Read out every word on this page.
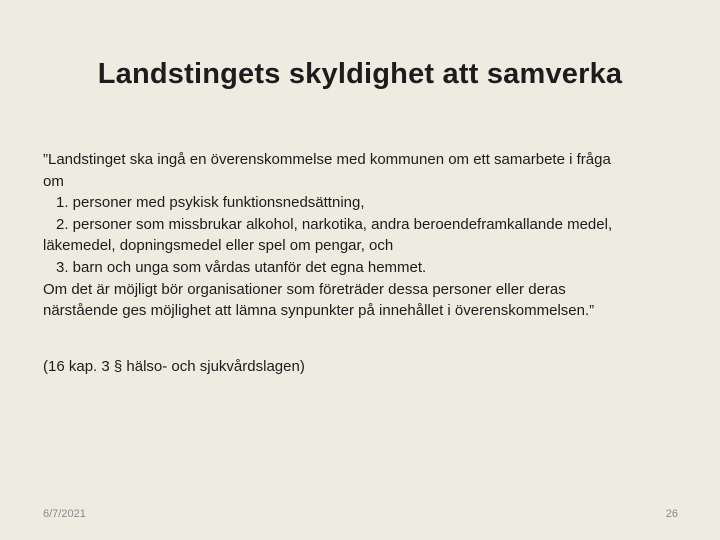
Landstingets skyldighet att samverka
”Landstinget ska ingå en överenskommelse med kommunen om ett samarbete i fråga
om
1. personer med psykisk funktionsnedsättning,
2. personer som missbrukar alkohol, narkotika, andra beroendeframkallande medel,
läkemedel, dopningsmedel eller spel om pengar, och
3. barn och unga som vårdas utanför det egna hemmet.
Om det är möjligt bör organisationer som företräder dessa personer eller deras
närstående ges möjlighet att lämna synpunkter på innehållet i överenskommelsen.”
(16 kap. 3 § hälso- och sjukvårdslagen)
6/7/2021	26
